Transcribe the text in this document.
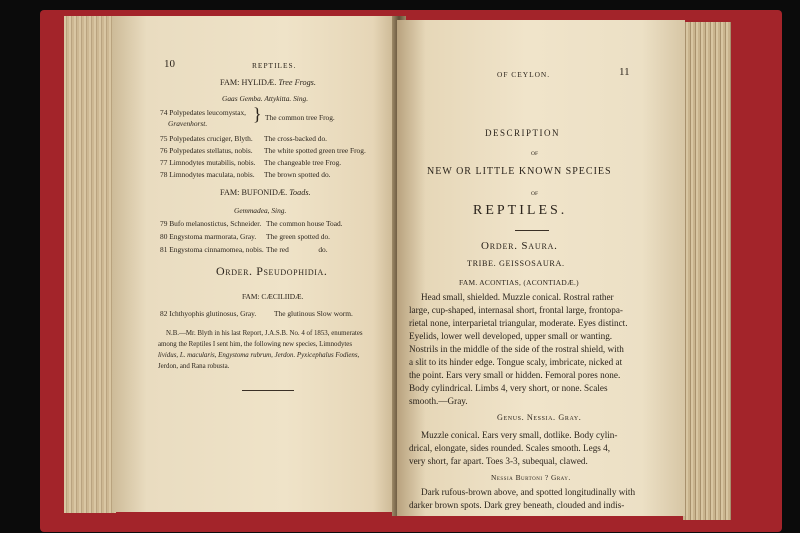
10	REPTILES.
FAM: HYLIDÆ. Tree Frogs.
Gaas Gemba. Attykitta. Sing.
74 Polypedates leucomystax,
Gravenhorst.	} The common tree Frog.
75 Polypedates cruciger, Blyth. The cross-backed do.
76 Polypedates stellatus, nobis. The white spotted green tree Frog.
77 Limnodytes mutabilis, nobis. The changeable tree Frog.
78 Limnodytes maculata, nobis. The brown spotted do.
FAM: BUFONIDÆ. Toads.
Gemmadea, Sing.
79 Bufo melanostictus, Schneider. The common house Toad.
80 Engystoma marmorata, Gray. The green spotted do.
81 Engystoma cinnamomea, nobis. The red                do.
Order. Pseudophidia.
FAM: CÆCILIIDÆ.
82 Ichthyophis glutinosus, Gray. The glutinous Slow worm.
N.B.—Mr. Blyth in his last Report, J.A.S.B. No. 4 of 1853, enumerates
among the Reptiles I sent him, the following new species, Limnodytes
lividus, L. macularis, Engystoma rubrum, Jerdon. Pyxicephalus Fodiens,
Jerdon, and Rana robusta.
OF CEYLON.	11
DESCRIPTION
OF
NEW OR LITTLE KNOWN SPECIES
OF
REPTILES.
Order. Saura.
TRIBE. GEISSOSAURA.
FAM. ACONTIAS, (ACONTIADÆ.)
Head small, shielded. Muzzle conical. Rostral rather
large, cup-shaped, internasal short, frontal large, frontopa-
rietal none, interparietal triangular, moderate. Eyes distinct.
Eyelids, lower well developed, upper small or wanting.
Nostrils in the middle of the side of the rostral shield, with
a slit to its hinder edge. Tongue scaly, imbricate, nicked at
the point. Ears very small or hidden. Femoral pores none.
Body cylindrical. Limbs 4, very short, or none. Scales
smooth.—Gray.
Genus. Nessia. Gray.
Muzzle conical. Ears very small, dotlike. Body cylin-
drical, elongate, sides rounded. Scales smooth. Legs 4,
very short, far apart. Toes 3-3, subequal, clawed.
Nessia Burtoni ? Gray.
Dark rufous-brown above, and spotted longitudinally with
darker brown spots. Dark grey beneath, clouded and indis-
